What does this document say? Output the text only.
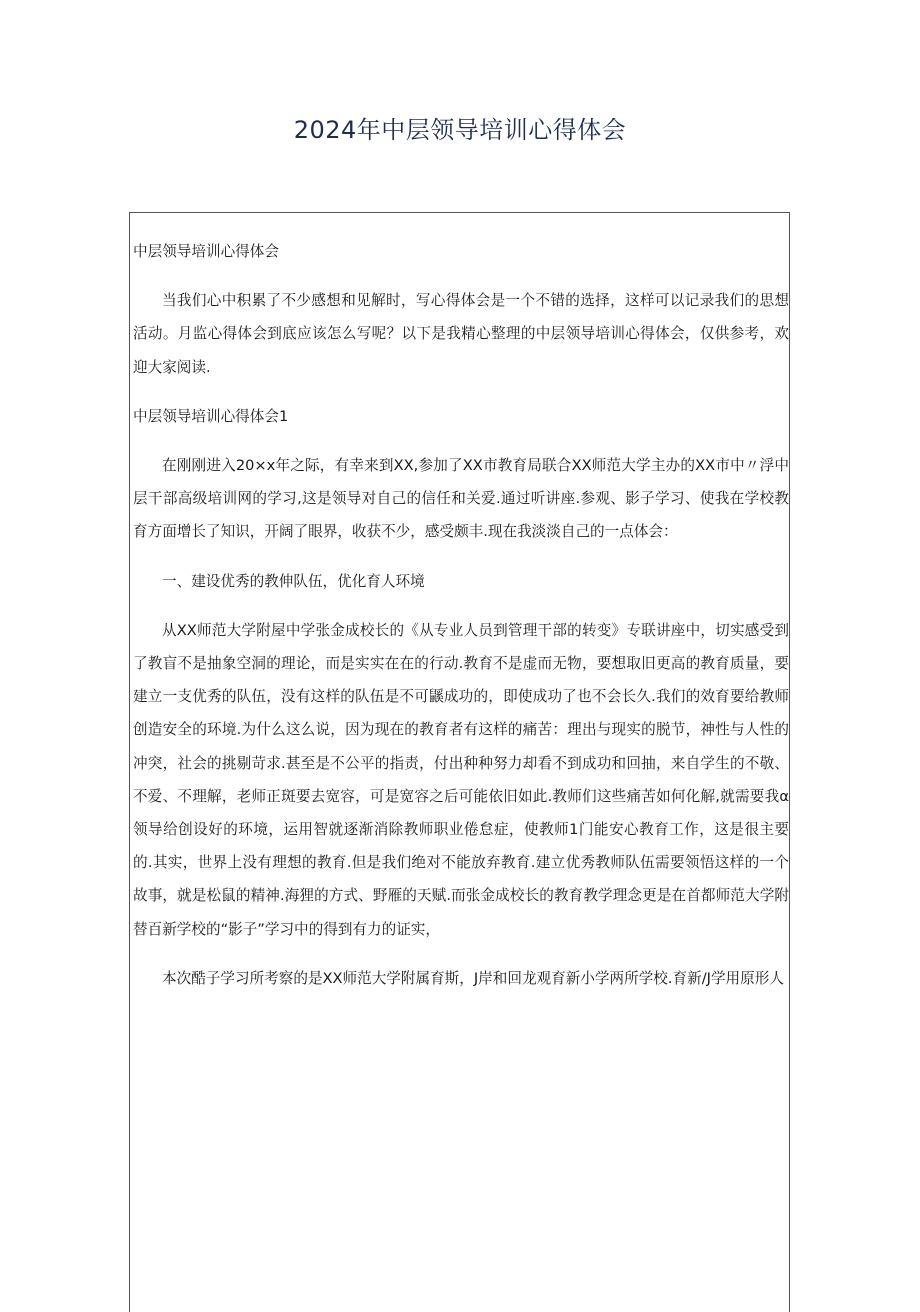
2024年中层领导培训心得体会

中层领导培训心得体会

当我们心中积累了不少感想和见解时，写心得体会是一个不错的选择，这样可以记录我们的思想活动。月监心得体会到底应该怎么写呢？以下是我精心整理的中层领导培训心得体会，仅供参考，欢迎大家阅读.

中层领导培训心得体会1

在刚刚进入20×x年之际，有幸来到XX,参加了XX市教育局联合XX师范大学主办的XX市中〃浮中层干部高级培训网的学习,这是领导对自己的信任和关爱.通过听讲座.参观、影子学习、使我在学校教育方面增长了知识，开阔了眼界，收获不少，感受颇丰.现在我淡淡自己的一点体会：

一、建设优秀的教伸队伍，优化育人环境

从XX师范大学附屋中学张金成校长的《从专业人员到管理干部的转变》专联讲座中，切实感受到了教盲不是抽象空洞的理论，而是实实在在的行动.教育不是虚而无物，要想取旧更高的教育质量，要建立一支优秀的队伍，没有这样的队伍是不可鼷成功的，即使成功了也不会长久.我们的效育要给教师创造安全的环境.为什么这么说，因为现在的教育者有这样的痛苦：理出与现实的脱节，神性与人性的冲突，社会的挑剔苛求.甚至是不公平的指责，付出种种努力却看不到成功和回抽，来自学生的不敬、不爱、不理解，老师正斑要去宽容，可是宽容之后可能依旧如此.教师们这些痛苦如何化解,就需要我α领导给创设好的环境，运用智就逐渐消除教师职业倦怠症，使教师1门能安心教育工作，这是很主要的.其实，世界上没有理想的教育.但是我们绝对不能放弃教育.建立优秀教师队伍需要领悟这样的一个故事，就是松鼠的精神.海狸的方式、野雁的天赋.而张金成校长的教育教学理念更是在首都师范大学附替百新学校的“影子”学习中的得到有力的证实，

本次酷子学习所考察的是XX师范大学附属育斯，J岸和回龙观育新小学两所学校.育新/J学用原形人
